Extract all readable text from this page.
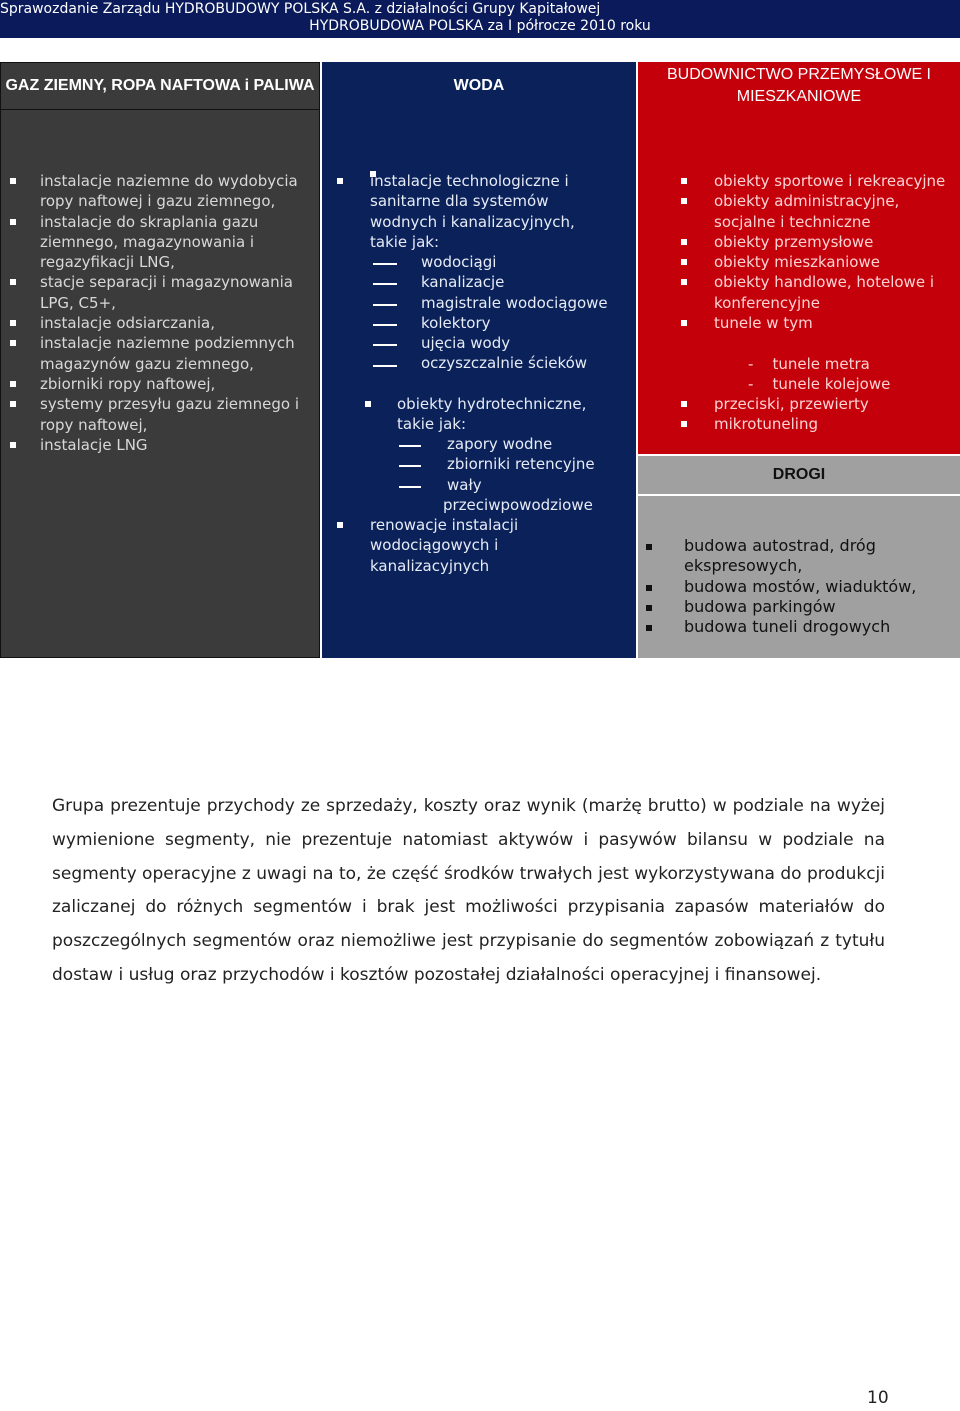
Sprawozdanie Zarządu HYDROBUDOWY POLSKA S.A. z działalności Grupy Kapitałowej
HYDROBUDOWA POLSKA za I półrocze 2010 roku
GAZ ZIEMNY, ROPA NAFTOWA i PALIWA	WODA
BUDOWNICTWO PRZEMYSŁOWE I MIESZKANIOWE
instalacje naziemne do wydobycia ropy naftowej i gazu ziemnego,
instalacje do skraplania gazu ziemnego, magazynowania i regazyfikacji LNG,
stacje separacji i magazynowania LPG, C5+,
instalacje odsiarczania,
instalacje naziemne podziemnych magazynów gazu ziemnego,
zbiorniki ropy naftowej,
systemy przesyłu gazu ziemnego i ropy naftowej,
instalacje LNG
instalacje technologiczne i
sanitarne dla systemów
wodnych i kanalizacyjnych,
takie jak:
wodociągi
kanalizacje
magistrale wodociągowe
kolektory
ujęcia wody
oczyszczalnie ścieków
obiekty hydrotechniczne,
takie jak:
zapory wodne
zbiorniki retencyjne
wały
przeciwpowodziowe
renowacje instalacji
wodociągowych i
kanalizacyjnych
obiekty sportowe i rekreacyjne
obiekty administracyjne, socjalne i techniczne
obiekty przemysłowe
obiekty mieszkaniowe
obiekty handlowe, hotelowe i konferencyjne
tunele w tym
- tunele metra
- tunele kolejowe
przeciski, przewierty
mikrotuneling
DROGI
budowa autostrad, dróg ekspresowych,
budowa mostów, wiaduktów,
budowa parkingów
budowa tuneli drogowych
Grupa prezentuje przychody ze sprzedaży, koszty oraz wynik (marżę brutto) w podziale na wyżej wymienione segmenty, nie prezentuje natomiast aktywów i pasywów bilansu w podziale na segmenty operacyjne z uwagi na to, że część środków trwałych jest wykorzystywana do produkcji zaliczanej do różnych segmentów i brak jest możliwości przypisania zapasów materiałów do poszczególnych segmentów oraz niemożliwe jest przypisanie do segmentów zobowiązań z tytułu dostaw i usług oraz przychodów i kosztów pozostałej działalności operacyjnej i finansowej.
10
